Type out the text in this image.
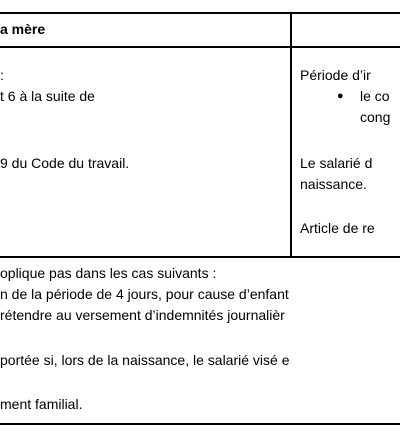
a mère
:
t 6 à la suite de
9 du Code du travail.
Période d’ir
● le co
cong
Le salarié d
naissance.
Article de re
oplique pas dans les cas suivants :
n de la période de 4 jours, pour cause d’enfant
rétendre au versement d’indemnités journalièr
portée si, lors de la naissance, le salarié visé e
ment familial.
